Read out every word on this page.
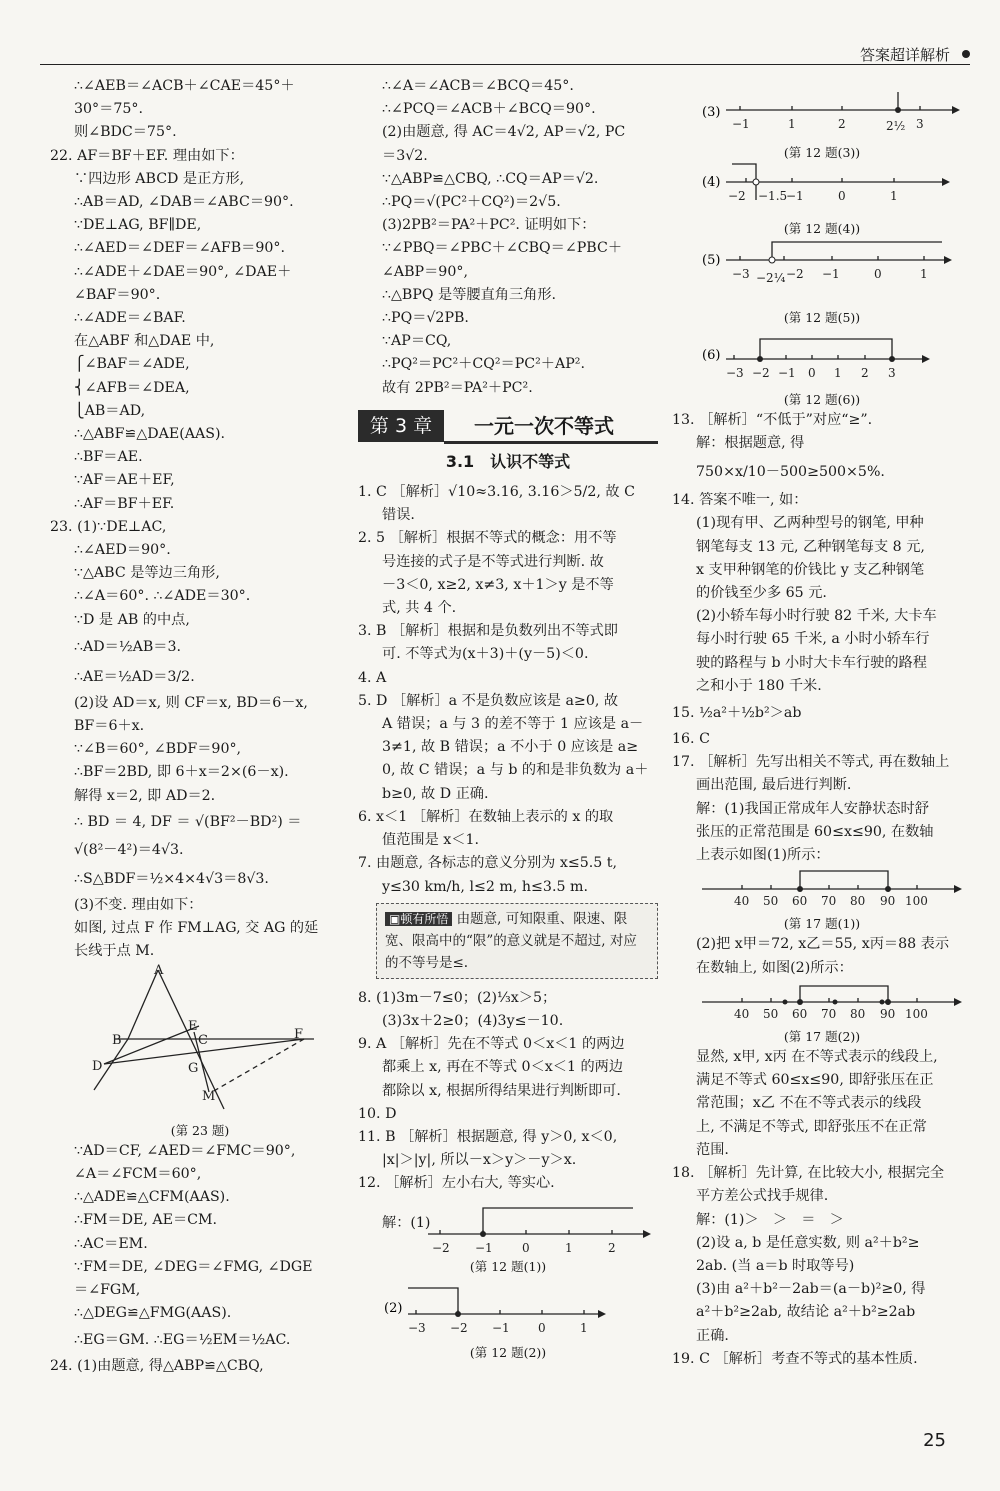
答案超详解析
∴∠AEB＝∠ACB＋∠CAE＝45°＋
30°＝75°.
则∠BDC＝75°.
22. AF＝BF＋EF. 理由如下：
∵四边形 ABCD 是正方形,
∴AB＝AD, ∠DAB＝∠ABC＝90°.
∵DE⊥AG, BF∥DE,
∴∠AED＝∠DEF＝∠AFB＝90°.
∴∠ADE＋∠DAE＝90°, ∠DAE＋
∠BAF＝90°.
∴∠ADE＝∠BAF.
在△ABF 和△DAE 中,
⎧∠BAF＝∠ADE,
⎨∠AFB＝∠DEA,
⎩AB＝AD,
∴△ABF≌△DAE(AAS).
∴BF＝AE.
∵AF＝AE＋EF,
∴AF＝BF＋EF.
23. (1)∵DE⊥AC,
∴∠AED＝90°.
∵△ABC 是等边三角形,
∴∠A＝60°. ∴∠ADE＝30°.
∵D 是 AB 的中点,
∴AD＝½AB＝3.
∴AE＝½AD＝3/2.
(2)设 AD＝x, 则 CF＝x, BD＝6－x,
BF＝6＋x.
∵∠B＝60°, ∠BDF＝90°,
∴BF＝2BD, 即 6＋x＝2×(6－x).
解得 x＝2, 即 AD＝2.
∴ BD ＝ 4, DF ＝ √(BF²－BD²) ＝
√(8²－4²)＝4√3.
∴S△BDF＝½×4×4√3＝8√3.
(3)不变. 理由如下：
如图, 过点 F 作 FM⊥AG, 交 AG 的延
长线于点 M.
A
B
D
E
C
G
F
M
(第 23 题)
∵AD＝CF, ∠AED＝∠FMC＝90°,
∠A＝∠FCM＝60°,
∴△ADE≌△CFM(AAS).
∴FM＝DE, AE＝CM.
∴AC＝EM.
∵FM＝DE, ∠DEG＝∠FMG, ∠DGE
＝∠FGM,
∴△DEG≌△FMG(AAS).
∴EG＝GM. ∴EG＝½EM＝½AC.
24. (1)由题意, 得△ABP≌△CBQ,
∴∠A＝∠ACB＝∠BCQ＝45°.
∴∠PCQ＝∠ACB＋∠BCQ＝90°.
(2)由题意, 得 AC＝4√2, AP＝√2, PC
＝3√2.
∵△ABP≌△CBQ, ∴CQ＝AP＝√2.
∴PQ＝√(PC²＋CQ²)＝2√5.
(3)2PB²＝PA²＋PC². 证明如下：
∵∠PBQ＝∠PBC＋∠CBQ＝∠PBC＋
∠ABP＝90°,
∴△BPQ 是等腰直角三角形.
∴PQ＝√2PB.
∵AP＝CQ,
∴PQ²＝PC²＋CQ²＝PC²＋AP².
故有 2PB²＝PA²＋PC².
第 3 章	一元一次不等式
3.1　认识不等式
1. C ［解析］√10≈3.16, 3.16＞5/2, 故 C
错误.
2. 5 ［解析］根据不等式的概念：用不等
号连接的式子是不等式进行判断. 故
－3＜0, x≥2, x≠3, x＋1＞y 是不等
式, 共 4 个.
3. B ［解析］根据和是负数列出不等式即
可. 不等式为(x＋3)＋(y－5)＜0.
4. A
5. D ［解析］a 不是负数应该是 a≥0, 故
A 错误；a 与 3 的差不等于 1 应该是 a－
3≠1, 故 B 错误；a 不小于 0 应该是 a≥
0, 故 C 错误；a 与 b 的和是非负数为 a＋
b≥0, 故 D 正确.
6. x＜1 ［解析］在数轴上表示的 x 的取
值范围是 x＜1.
7. 由题意, 各标志的意义分别为 x≤5.5 t,
y≤30 km/h, l≤2 m, h≤3.5 m.
▣顿有所悟 由题意, 可知限重、限速、限宽、限高中的“限”的意义就是不超过, 对应的不等号是≤.
8. (1)3m－7≤0；(2)⅓x＞5；
(3)3x＋2≥0；(4)3y≤－10.
9. A ［解析］先在不等式 0＜x＜1 的两边
都乘上 x, 再在不等式 0＜x＜1 的两边
都除以 x, 根据所得结果进行判断即可.
10. D
11. B ［解析］根据题意, 得 y＞0, x＜0,
|x|＞|y|, 所以－x＞y＞－y＞x.
12. ［解析］左小右大, 等实心.
解：(1)
−2 −1 0	1	2
(第 12 题(1))
(2)
−3 −2 −1 0	1
(第 12 题(2))
(3)
−1	1	2	2½ 3
(第 12 题(3))
(4)
−2 −1.5
−1	0	1
(第 12 题(4))
(5)
−3 −2¼ −2 −1	0	1
(第 12 题(5))
(6)
−3 −2 −1 0 1 2 3
(第 12 题(6))
13. ［解析］“不低于”对应“≥”.
解：根据题意, 得
750×x/10－500≥500×5%.
14. 答案不唯一, 如：
(1)现有甲、乙两种型号的钢笔, 甲种
钢笔每支 13 元, 乙种钢笔每支 8 元,
x 支甲种钢笔的价钱比 y 支乙种钢笔
的价钱至少多 65 元.
(2)小轿车每小时行驶 82 千米, 大卡车
每小时行驶 65 千米, a 小时小轿车行
驶的路程与 b 小时大卡车行驶的路程
之和小于 180 千米.
15. ½a²＋½b²＞ab
16. C
17. ［解析］先写出相关不等式, 再在数轴上
画出范围, 最后进行判断.
解：(1)我国正常成年人安静状态时舒
张压的正常范围是 60≤x≤90, 在数轴
上表示如图(1)所示：
40 50 60 70 80 90 100
(第 17 题(1))
(2)把 x甲＝72, x乙＝55, x丙＝88 表示
在数轴上, 如图(2)所示：
40 50 60 70 80 90 100
(第 17 题(2))
显然, x甲, x丙 在不等式表示的线段上,
满足不等式 60≤x≤90, 即舒张压在正
常范围；x乙 不在不等式表示的线段
上, 不满足不等式, 即舒张压不在正常
范围.
18. ［解析］先计算, 在比较大小, 根据完全
平方差公式找手规律.
解：(1)＞　＞　＝　＞
(2)设 a, b 是任意实数, 则 a²＋b²≥
2ab. (当 a＝b 时取等号)
(3)由 a²＋b²－2ab＝(a－b)²≥0, 得
a²＋b²≥2ab, 故结论 a²＋b²≥2ab
正确.
19. C ［解析］考查不等式的基本性质.
25
